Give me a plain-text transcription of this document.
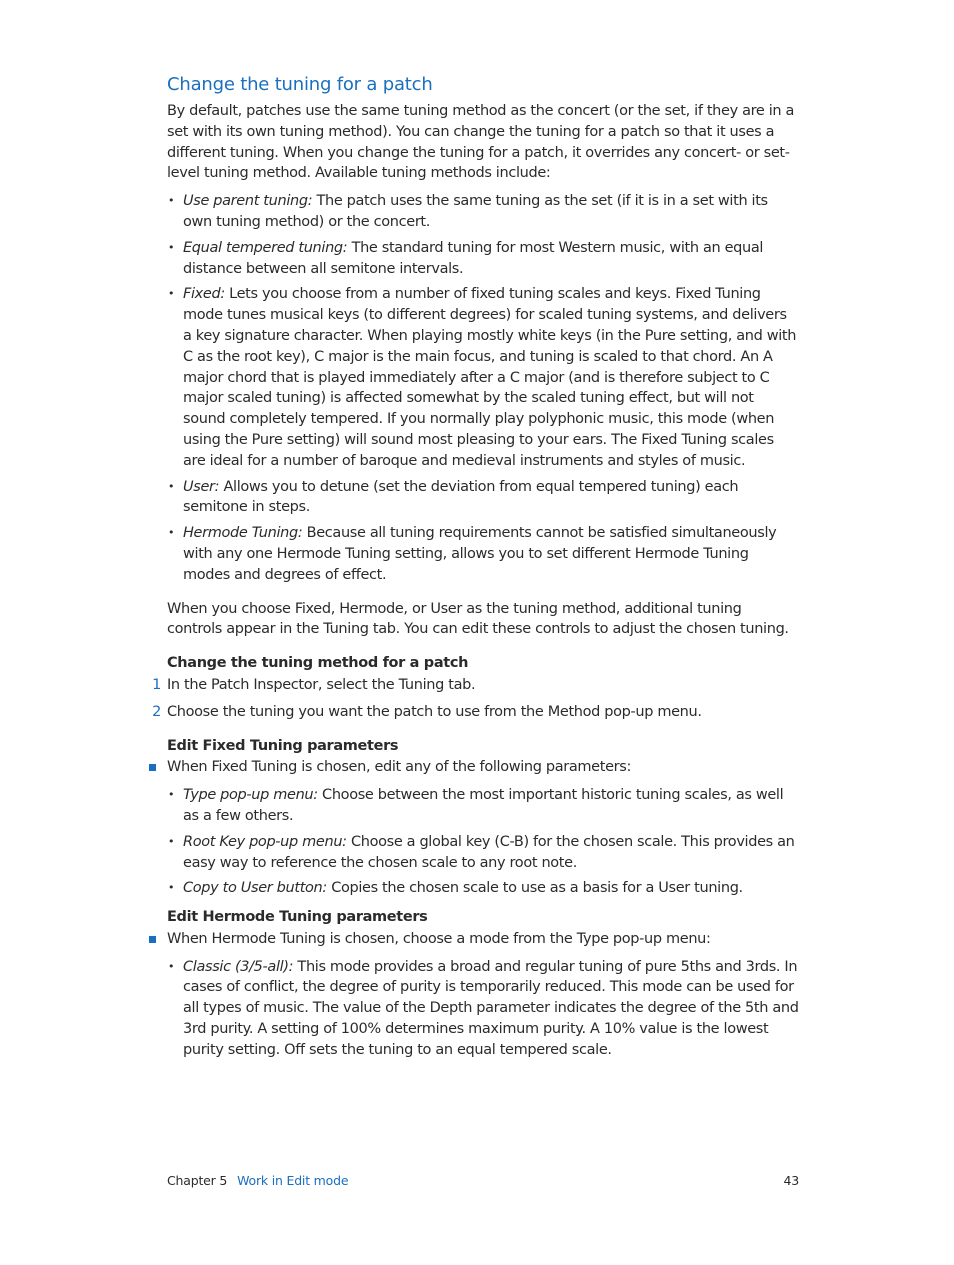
Change the tuning for a patch

By default, patches use the same tuning method as the concert (or the set, if they are in a set with its own tuning method). You can change the tuning for a patch so that it uses a different tuning. When you change the tuning for a patch, it overrides any concert- or set-level tuning method. Available tuning methods include:

• Use parent tuning: The patch uses the same tuning as the set (if it is in a set with its own tuning method) or the concert.
• Equal tempered tuning: The standard tuning for most Western music, with an equal distance between all semitone intervals.
• Fixed: Lets you choose from a number of fixed tuning scales and keys. Fixed Tuning mode tunes musical keys (to different degrees) for scaled tuning systems, and delivers a key signature character. When playing mostly white keys (in the Pure setting, and with C as the root key), C major is the main focus, and tuning is scaled to that chord. An A major chord that is played immediately after a C major (and is therefore subject to C major scaled tuning) is affected somewhat by the scaled tuning effect, but will not sound completely tempered. If you normally play polyphonic music, this mode (when using the Pure setting) will sound most pleasing to your ears. The Fixed Tuning scales are ideal for a number of baroque and medieval instruments and styles of music.
• User: Allows you to detune (set the deviation from equal tempered tuning) each semitone in steps.
• Hermode Tuning: Because all tuning requirements cannot be satisfied simultaneously with any one Hermode Tuning setting, allows you to set different Hermode Tuning modes and degrees of effect.

When you choose Fixed, Hermode, or User as the tuning method, additional tuning controls appear in the Tuning tab. You can edit these controls to adjust the chosen tuning.

Change the tuning method for a patch
1 In the Patch Inspector, select the Tuning tab.
2 Choose the tuning you want the patch to use from the Method pop-up menu.
Edit Fixed Tuning parameters
When Fixed Tuning is chosen, edit any of the following parameters:
• Type pop-up menu: Choose between the most important historic tuning scales, as well as a few others.
• Root Key pop-up menu: Choose a global key (C-B) for the chosen scale. This provides an easy way to reference the chosen scale to any root note.
• Copy to User button: Copies the chosen scale to use as a basis for a User tuning.
Edit Hermode Tuning parameters
When Hermode Tuning is chosen, choose a mode from the Type pop-up menu:
• Classic (3/5-all): This mode provides a broad and regular tuning of pure 5ths and 3rds. In cases of conflict, the degree of purity is temporarily reduced. This mode can be used for all types of music. The value of the Depth parameter indicates the degree of the 5th and 3rd purity. A setting of 100% determines maximum purity. A 10% value is the lowest purity setting. Off sets the tuning to an equal tempered scale.
Chapter 5 Work in Edit mode	43
